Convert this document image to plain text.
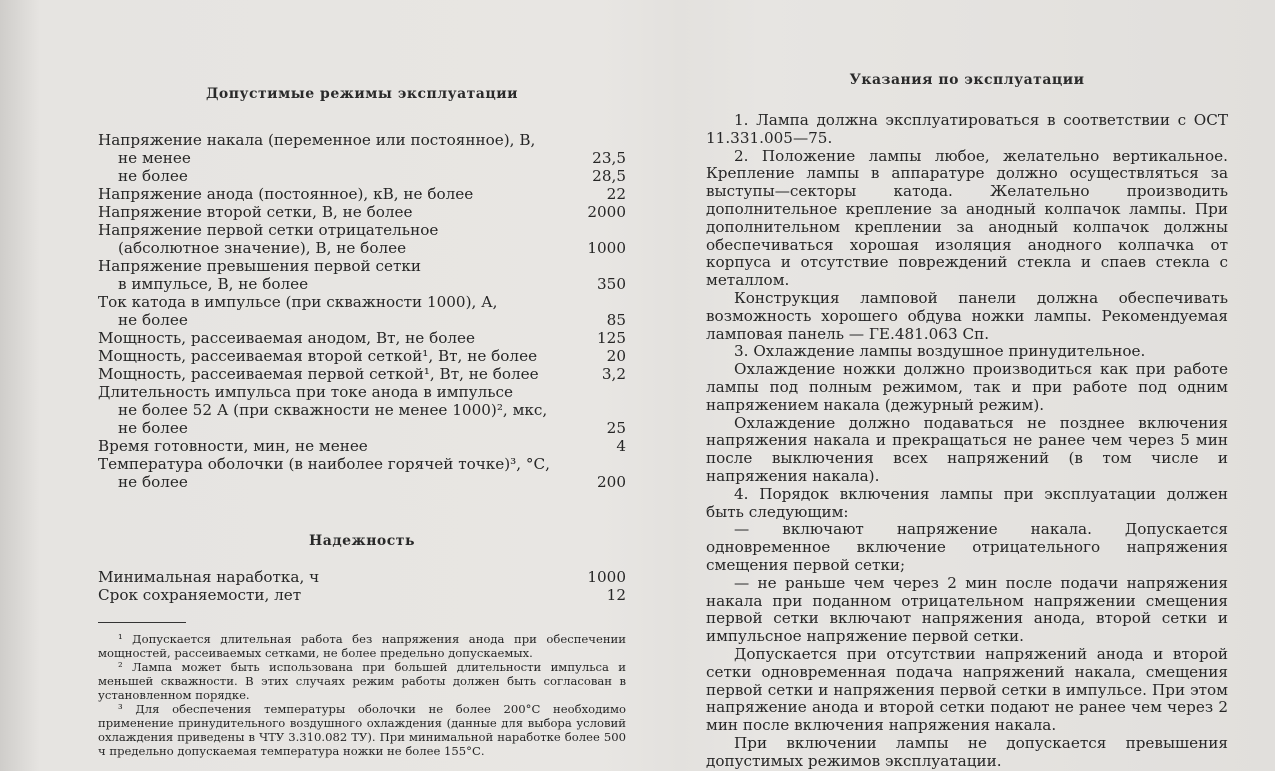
Допустимые режимы эксплуатации
Напряжение накала (переменное или постоянное), В,
не менее	23,5
не более	28,5
Напряжение анода (постоянное), кВ, не более	22
Напряжение второй сетки, В, не более	2000
Напряжение первой сетки отрицательное
(абсолютное значение), В, не более	1000
Напряжение превышения первой сетки
в импульсе, В, не более	350
Ток катода в импульсе (при скважности 1000), А,
не более	85
Мощность, рассеиваемая анодом, Вт, не более	125
Мощность, рассеиваемая второй сеткой¹, Вт, не более	20
Мощность, рассеиваемая первой сеткой¹, Вт, не более	3,2
Длительность импульса при токе анода в импульсе
не более 52 А (при скважности не менее 1000)², мкс,
не более	25
Время готовности, мин, не менее	4
Температура оболочки (в наиболее горячей точке)³, °С,
не более	200
Надежность
Минимальная наработка, ч	1000
Срок сохраняемости, лет	12

¹ Допускается длительная работа без напряжения анода при обеспечении мощностей, рассеиваемых сетками, не более предельно допускаемых.

² Лампа может быть использована при большей длительности импульса и меньшей скважности. В этих случаях режим работы должен быть согласован в установленном порядке.

³ Для обеспечения температуры оболочки не более 200°С необходимо применение принудительного воздушного охлаждения (данные для выбора условий охлаждения приведены в ЧТУ 3.310.082 ТУ). При минимальной наработке более 500 ч предельно допускаемая температура ножки не более 155°С.

Указания по эксплуатации

1. Лампа должна эксплуатироваться в соответствии с ОСТ 11.331.005—75.

2. Положение лампы любое, желательно вертикальное. Крепление лампы в аппаратуре должно осуществляться за выступы—секторы катода. Желательно производить дополнительное крепление за анодный колпачок лампы. При дополнительном креплении за анодный колпачок должны обеспечиваться хорошая изоляция анодного колпачка от корпуса и отсутствие повреждений стекла и спаев стекла с металлом.

Конструкция ламповой панели должна обеспечивать возможность хорошего обдува ножки лампы. Рекомендуемая ламповая панель — ГЕ.481.063 Сп.

3. Охлаждение лампы воздушное принудительное.

Охлаждение ножки должно производиться как при работе лампы под полным режимом, так и при работе под одним напряжением накала (дежурный режим).

Охлаждение должно подаваться не позднее включения напряжения накала и прекращаться не ранее чем через 5 мин после выключения всех напряжений (в том числе и напряжения накала).

4. Порядок включения лампы при эксплуатации должен быть следующим:

— включают напряжение накала. Допускается одновременное включение отрицательного напряжения смещения первой сетки;

— не раньше чем через 2 мин после подачи напряжения накала при поданном отрицательном напряжении смещения первой сетки включают напряжения анода, второй сетки и импульсное напряжение первой сетки.

Допускается при отсутствии напряжений анода и второй сетки одновременная подача напряжений накала, смещения первой сетки и напряжения первой сетки в импульсе. При этом напряжение анода и второй сетки подают не ранее чем через 2 мин после включения напряжения накала.

При включении лампы не допускается превышения допустимых режимов эксплуатации.
